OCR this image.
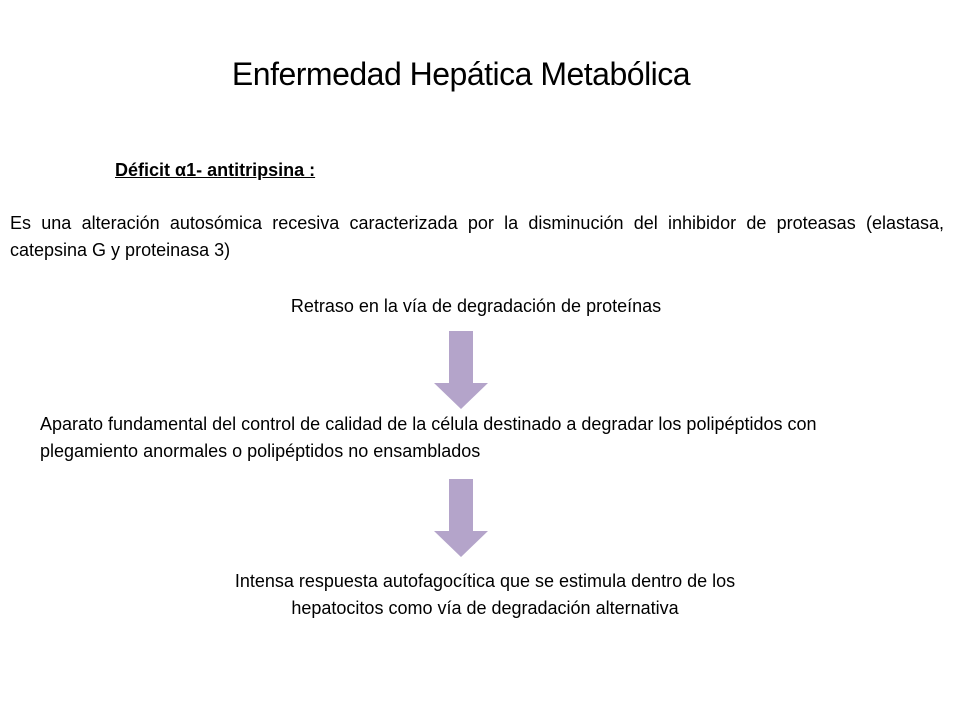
Enfermedad Hepática Metabólica

Déficit α1- antitripsina :

Es una alteración autosómica recesiva caracterizada por la disminución del inhibidor de proteasas (elastasa, catepsina G y proteinasa 3)

Retraso en la vía de degradación de proteínas

Aparato fundamental del control de calidad de la célula destinado a degradar los polipéptidos con plegamiento anormales o polipéptidos no ensamblados

Intensa respuesta autofagocítica que se estimula dentro de los hepatocitos como vía de degradación alternativa
